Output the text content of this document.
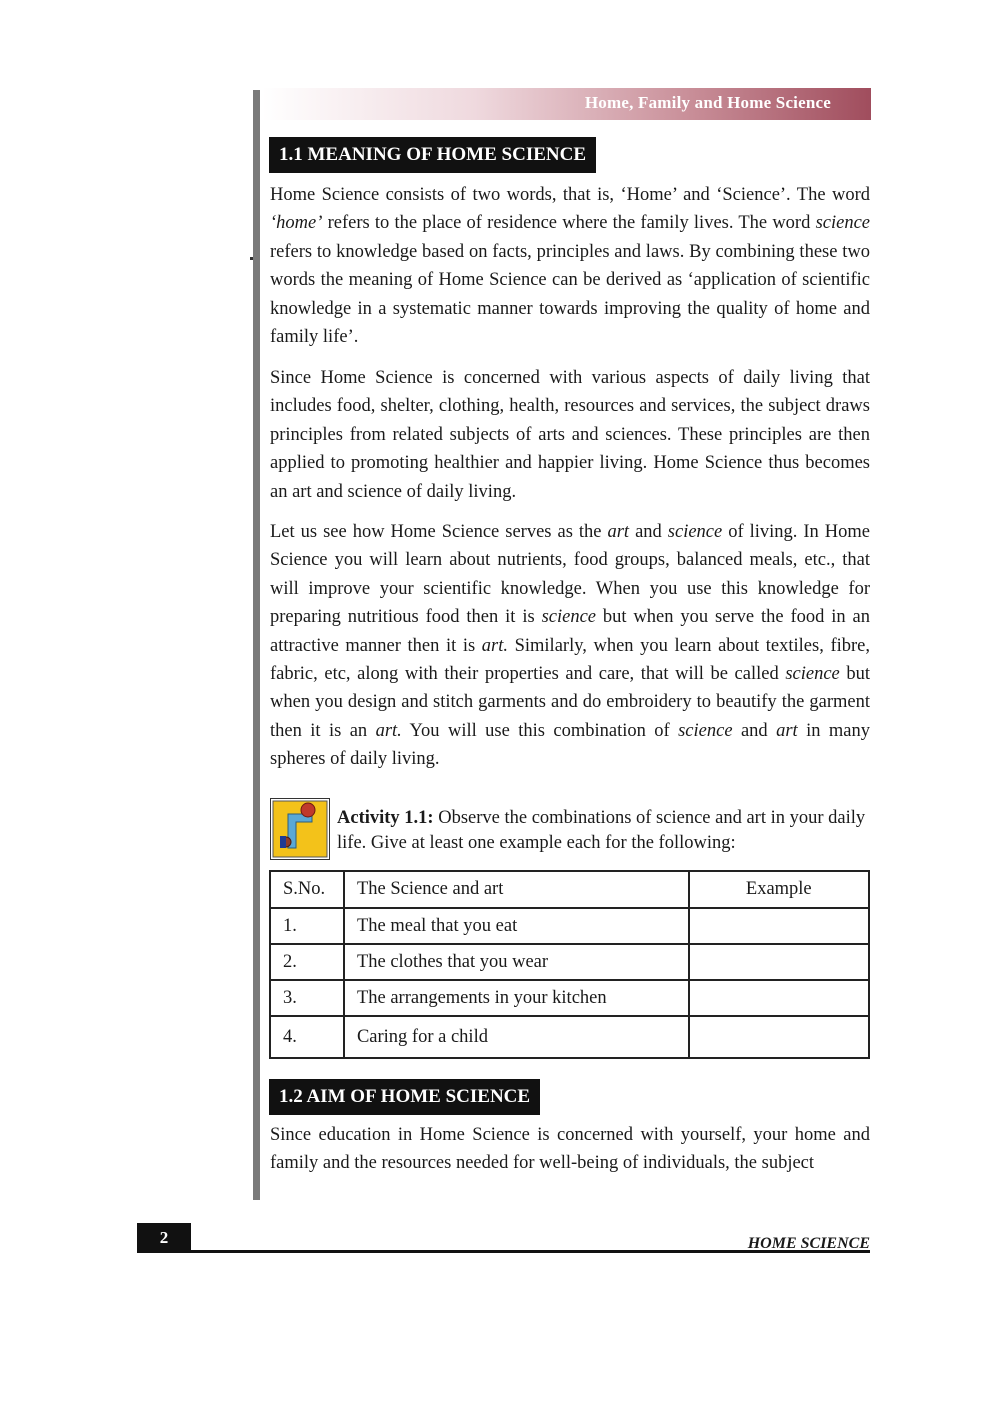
Home, Family and Home Science
1.1 MEANING OF HOME SCIENCE

Home Science consists of two words, that is, ‘Home’ and ‘Science’. The word ‘home’ refers to the place of residence where the family lives. The word science refers to knowledge based on facts, principles and laws. By combining these two words the meaning of Home Science can be derived as ‘application of scientific knowledge in a systematic manner towards improving the quality of home and family life’.

Since Home Science is concerned with various aspects of daily living that includes food, shelter, clothing, health, resources and services, the subject draws principles from related subjects of arts and sciences. These principles are then applied to promoting healthier and happier living. Home Science thus becomes an art and science of daily living.

Let us see how Home Science serves as the art and science of living. In Home Science you will learn about nutrients, food groups, balanced meals, etc., that will improve your scientific knowledge. When you use this knowledge for preparing nutritious food then it is science but when you serve the food in an attractive manner then it is art. Similarly, when you learn about textiles, fibre, fabric, etc, along with their properties and care, that will be called science but when you design and stitch garments and do embroidery to beautify the garment then it is an art. You will use this combination of science and art in many spheres of daily living.

Activity 1.1: Observe the combinations of science and art in your daily life. Give at least one example each for the following:

S.No.	The Science and art	Example
1.	The meal that you eat	
2.	The clothes that you wear	
3.	The arrangements in your kitchen	
4.	Caring for a child	
1.2 AIM OF HOME SCIENCE

Since education in Home Science is concerned with yourself, your home and family and the resources needed for well-being of individuals, the subject

2	HOME SCIENCE
